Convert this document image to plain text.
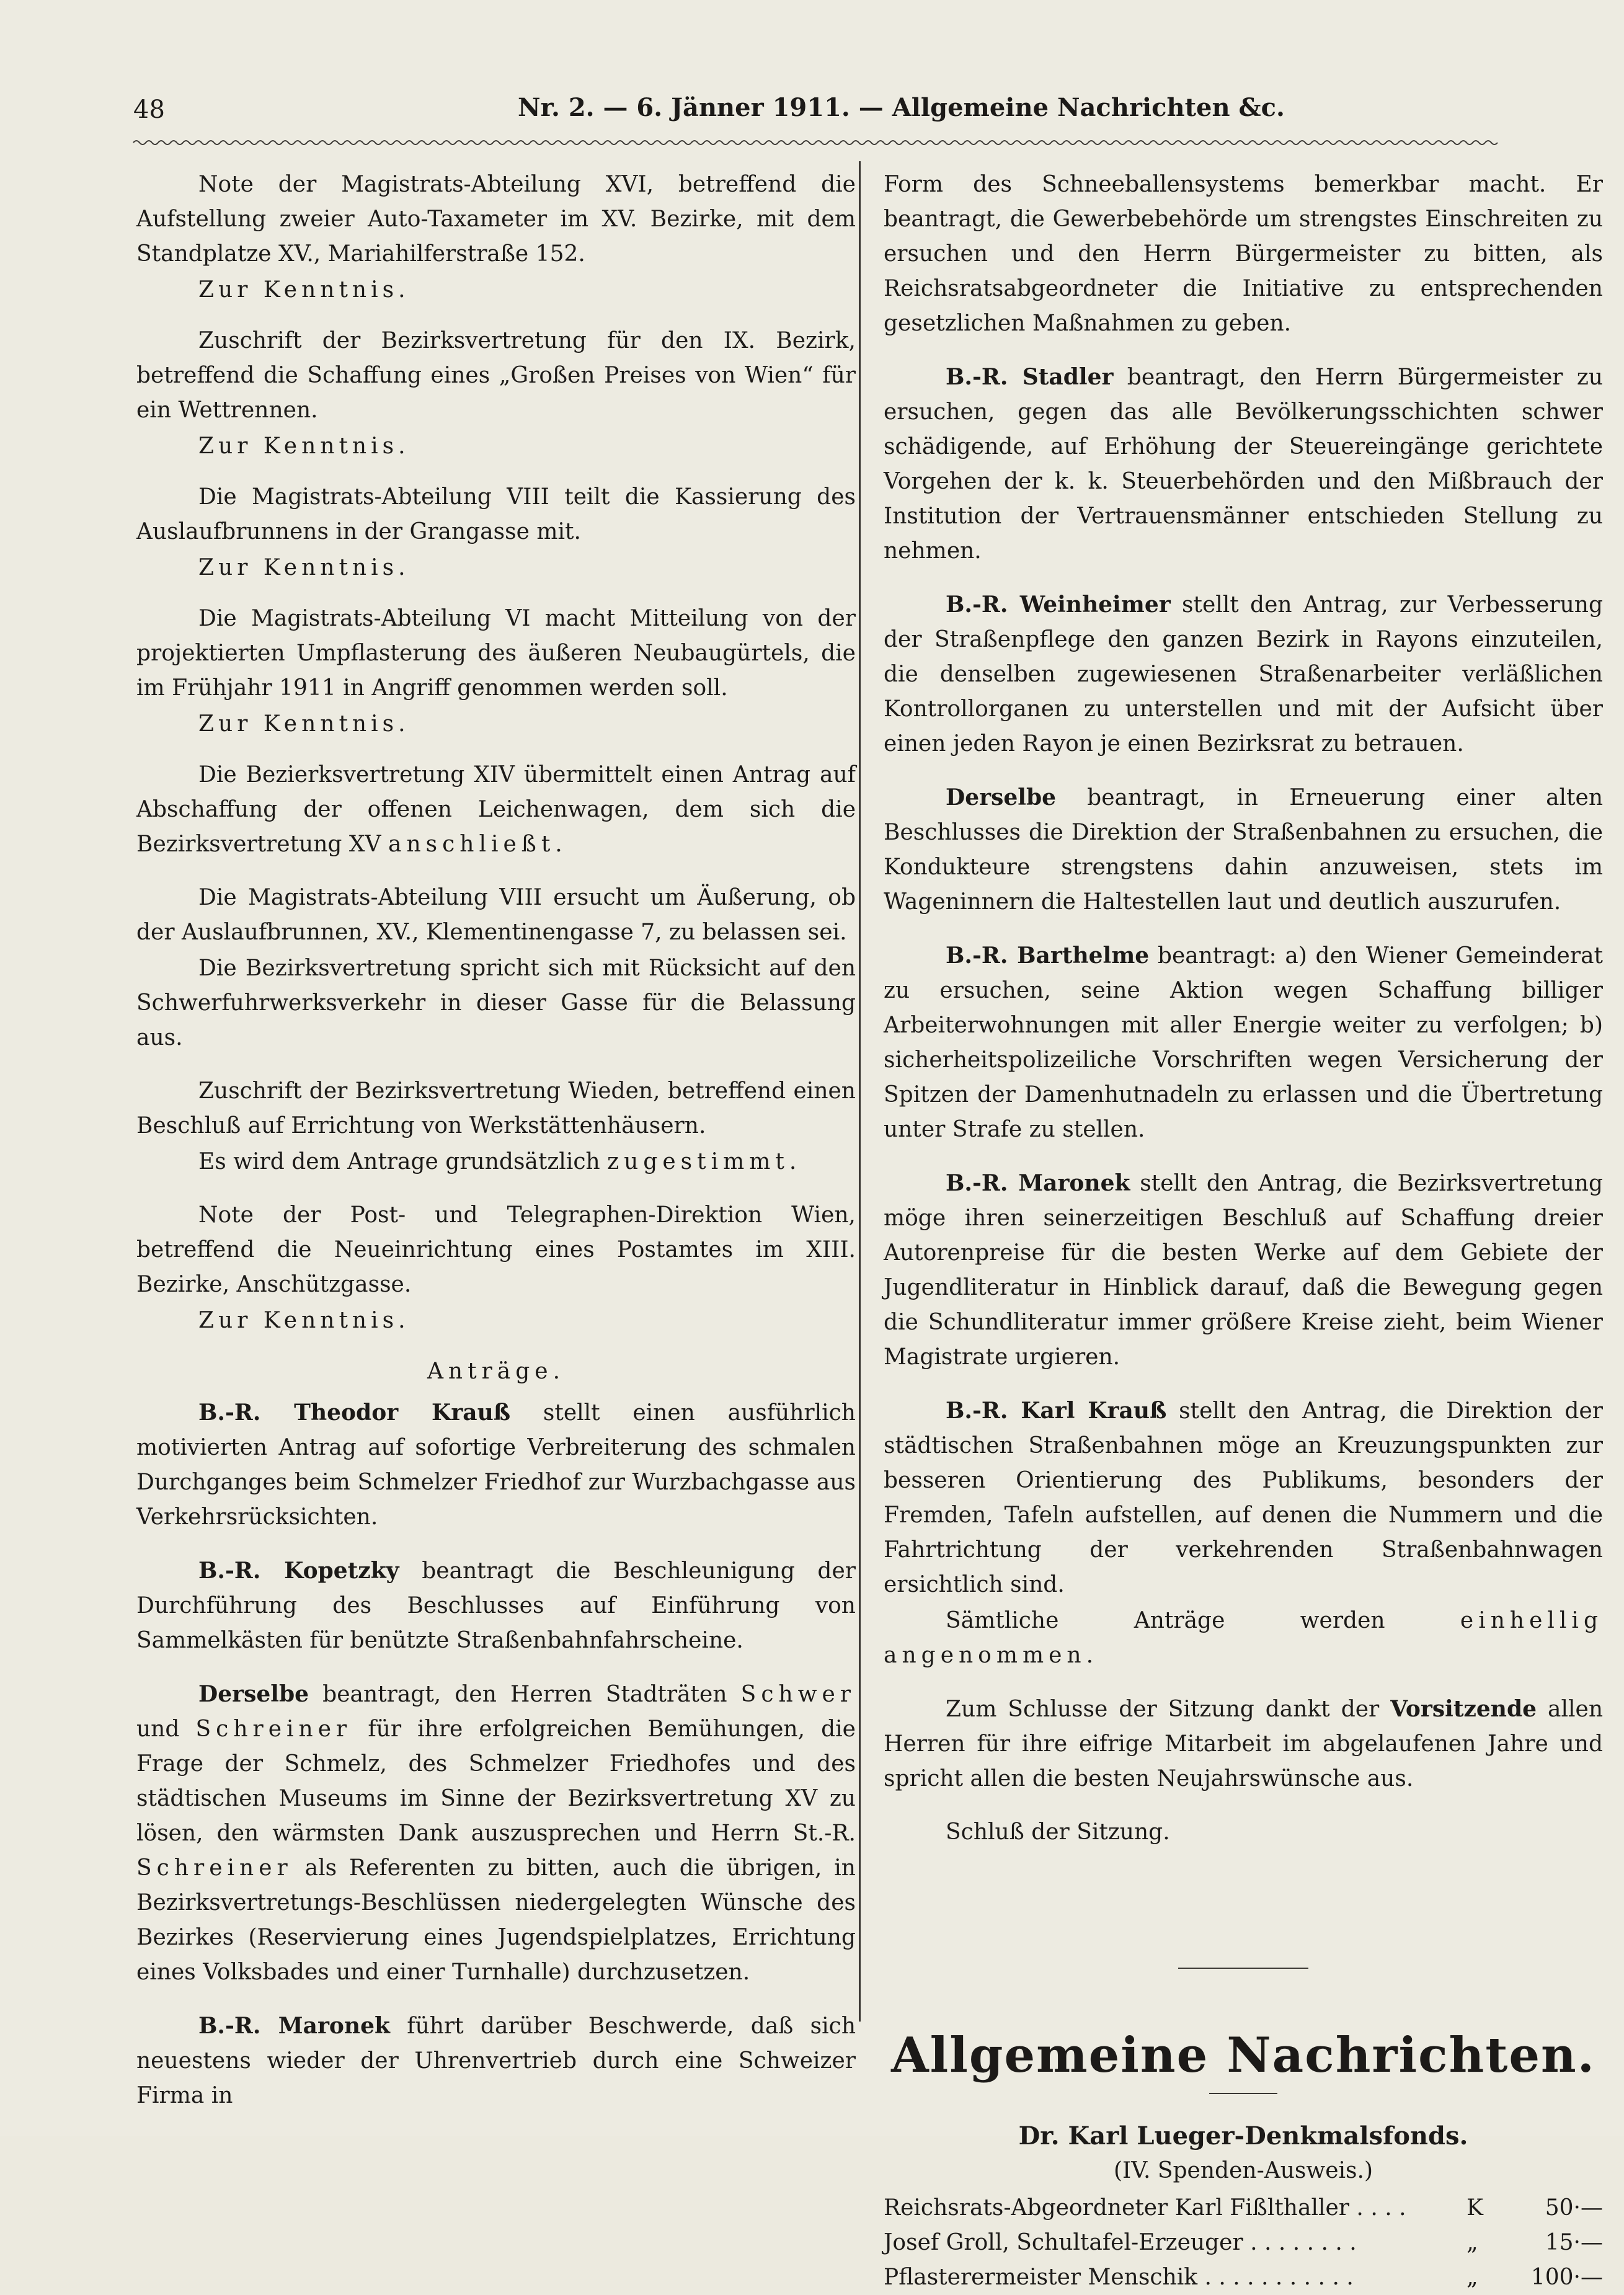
48	Nr. 2. — 6. Jänner 1911. — Allgemeine Nachrichten &c.

Note der Magistrats-Abteilung XVI, betreffend die Aufstellung zweier Auto-Taxameter im XV. Bezirke, mit dem Standplatze XV., Mariahilferstraße 152.

Zur Kenntnis.

Zuschrift der Bezirksvertretung für den IX. Bezirk, betreffend die Schaffung eines „Großen Preises von Wien“ für ein Wettrennen.

Zur Kenntnis.

Die Magistrats-Abteilung VIII teilt die Kassierung des Auslaufbrunnens in der Grangasse mit.

Zur Kenntnis.

Die Magistrats-Abteilung VI macht Mitteilung von der projektierten Umpflasterung des äußeren Neubaugürtels, die im Frühjahr 1911 in Angriff genommen werden soll.

Zur Kenntnis.

Die Bezierksvertretung XIV übermittelt einen Antrag auf Abschaffung der offenen Leichenwagen, dem sich die Bezirksvertretung XV anschließt.

Die Magistrats-Abteilung VIII ersucht um Äußerung, ob der Auslaufbrunnen, XV., Klementinengasse 7, zu belassen sei.

Die Bezirksvertretung spricht sich mit Rücksicht auf den Schwerfuhrwerksverkehr in dieser Gasse für die Belassung aus.

Zuschrift der Bezirksvertretung Wieden, betreffend einen Beschluß auf Errichtung von Werkstättenhäusern.

Es wird dem Antrage grundsätzlich zugestimmt.

Note der Post- und Telegraphen-Direktion Wien, betreffend die Neueinrichtung eines Postamtes im XIII. Bezirke, Anschützgasse.

Zur Kenntnis.

Anträge.

B.-R. Theodor Krauß stellt einen ausführlich motivierten Antrag auf sofortige Verbreiterung des schmalen Durchganges beim Schmelzer Friedhof zur Wurzbachgasse aus Verkehrsrücksichten.

B.-R. Kopetzky beantragt die Beschleunigung der Durchführung des Beschlusses auf Einführung von Sammelkästen für benützte Straßenbahnfahrscheine.

Derselbe beantragt, den Herren Stadträten Schwer und Schreiner für ihre erfolgreichen Bemühungen, die Frage der Schmelz, des Schmelzer Friedhofes und des städtischen Museums im Sinne der Bezirksvertretung XV zu lösen, den wärmsten Dank auszusprechen und Herrn St.-R. Schreiner als Referenten zu bitten, auch die übrigen, in Bezirksvertretungs-Beschlüssen niedergelegten Wünsche des Bezirkes (Reservierung eines Jugendspielplatzes, Errichtung eines Volksbades und einer Turnhalle) durchzusetzen.

B.-R. Maronek führt darüber Beschwerde, daß sich neuestens wieder der Uhrenvertrieb durch eine Schweizer Firma in

Form des Schneeballensystems bemerkbar macht. Er beantragt, die Gewerbebehörde um strengstes Einschreiten zu ersuchen und den Herrn Bürgermeister zu bitten, als Reichsratsabgeordneter die Initiative zu entsprechenden gesetzlichen Maßnahmen zu geben.

B.-R. Stadler beantragt, den Herrn Bürgermeister zu ersuchen, gegen das alle Bevölkerungsschichten schwer schädigende, auf Erhöhung der Steuereingänge gerichtete Vorgehen der k. k. Steuerbehörden und den Mißbrauch der Institution der Vertrauensmänner entschieden Stellung zu nehmen.

B.-R. Weinheimer stellt den Antrag, zur Verbesserung der Straßenpflege den ganzen Bezirk in Rayons einzuteilen, die denselben zugewiesenen Straßenarbeiter verläßlichen Kontrollorganen zu unterstellen und mit der Aufsicht über einen jeden Rayon je einen Bezirksrat zu betrauen.

Derselbe beantragt, in Erneuerung einer alten Beschlusses die Direktion der Straßenbahnen zu ersuchen, die Kondukteure strengstens dahin anzuweisen, stets im Wageninnern die Haltestellen laut und deutlich auszurufen.

B.-R. Barthelme beantragt: a) den Wiener Gemeinderat zu ersuchen, seine Aktion wegen Schaffung billiger Arbeiterwohnungen mit aller Energie weiter zu verfolgen; b) sicherheitspolizeiliche Vorschriften wegen Versicherung der Spitzen der Damenhutnadeln zu erlassen und die Übertretung unter Strafe zu stellen.

B.-R. Maronek stellt den Antrag, die Bezirksvertretung möge ihren seinerzeitigen Beschluß auf Schaffung dreier Autorenpreise für die besten Werke auf dem Gebiete der Jugendliteratur in Hinblick darauf, daß die Bewegung gegen die Schundliteratur immer größere Kreise zieht, beim Wiener Magistrate urgieren.

B.-R. Karl Krauß stellt den Antrag, die Direktion der städtischen Straßenbahnen möge an Kreuzungspunkten zur besseren Orientierung des Publikums, besonders der Fremden, Tafeln aufstellen, auf denen die Nummern und die Fahrtrichtung der verkehrenden Straßenbahnwagen ersichtlich sind.

Sämtliche Anträge werden	einhellig angenommen.

Zum Schlusse der Sitzung dankt der Vorsitzende allen Herren für ihre eifrige Mitarbeit im abgelaufenen Jahre und spricht allen die besten Neujahrswünsche aus.

Schluß der Sitzung.

Allgemeine Nachrichten.
Dr. Karl Lueger-Denkmalsfonds.
(IV. Spenden-Ausweis.)
Reichsrats-Abgeordneter Karl Fißlthaller . . . .	K	50·—
Josef Groll, Schultafel-Erzeuger . . . . . . . .	„	15·—
Pflasterermeister Menschik . . . . . . . . . . .	„ 100·—
